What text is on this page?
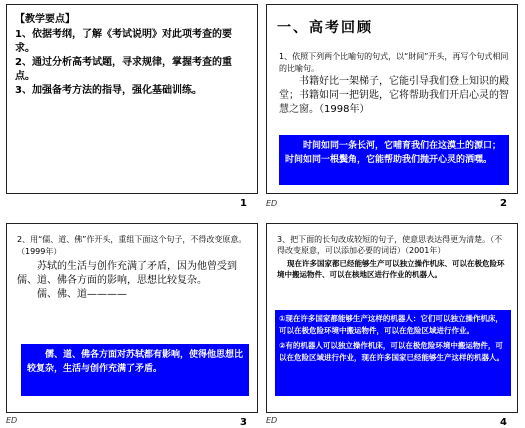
【教学要点】

1、依据考纲，了解《考试说明》对此项考查的要求。

2、通过分析高考试题，寻求规律，掌握考查的重点。

3、加强备考方法的指导，强化基础训练。

1
一、高考回顾
1、依照下列两个比喻句的句式，以“財间”开头，再写个句式相同的比喻句。
书籍好比一架梯子，它能引导我们登上知识的殿堂；书籍如同一把钥匙，它将帮助我们开启心灵的智慧之窗。（1998年）
时间如同一条长河，它哺育我们在这漠土的源口；时间如同一根鬓角，它能帮助我们抛开心灵的洒嘿。
ED	2
2、用“儒、道、佛”作开头，重组下面这个句子，不得改变原意。（1999年）
苏轼的生活与创作充满了矛盾，因为他曾受到儒、道、佛各方面的影响，思想比较复杂。
儒、佛、道————
儒、道、佛各方面对苏轼都有影响，使得他思想比较复杂，生活与创作充满了矛盾。
ED	3
3、把下面的长句改成较短的句子，使意思表达得更为清楚。（不得改变原意，可以添加必要的词语）（2001年）
现在许多国家都已经能够生产可以独立操作机床、可以在极危险环境中搬运物件、可以在核地区进行作业的机器人。

①现在许多国家都能够生产这样的机器人：它们可以独立操作机床，可以在极危险环境中搬运物件，可以在危险区域进行作业。

②有的机器人可以独立操作机床，可以在极危险环境中搬运物件，可以在危险区域进行作业，现在许多国家已经能够生产这样的机器人。

ED	4
